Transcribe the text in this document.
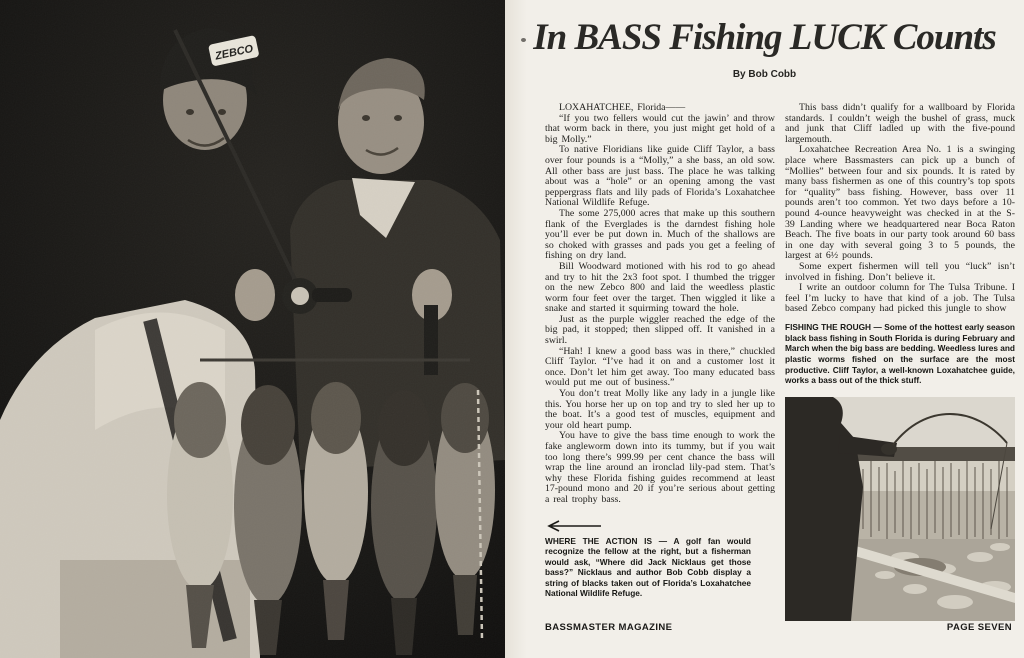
ZEBCO	In BASS Fishing LUCK Counts
By Bob Cobb

LOXAHATCHEE, Florida——

“If you two fellers would cut the jawin’ and throw that worm back in there, you just might get hold of a big Molly.”

To native Floridians like guide Cliff Taylor, a bass over four pounds is a “Molly,” a she bass, an old sow. All other bass are just bass. The place he was talking about was a “hole” or an opening among the vast peppergrass flats and lily pads of Florida’s Loxahatchee National Wildlife Refuge.

The some 275,000 acres that make up this southern flank of the Everglades is the darndest fishing hole you’ll ever be put down in. Much of the shallows are so choked with grasses and pads you get a feeling of fishing on dry land.

Bill Woodward motioned with his rod to go ahead and try to hit the 2x3 foot spot. I thumbed the trigger on the new Zebco 800 and laid the weedless plastic worm four feet over the target. Then wiggled it like a snake and started it squirming toward the hole.

Just as the purple wiggler reached the edge of the big pad, it stopped; then slipped off. It vanished in a swirl.

“Hah! I knew a good bass was in there,” chuckled Cliff Taylor. “I’ve had it on and a customer lost it once. Don’t let him get away. Too many educated bass would put me out of business.”

You don’t treat Molly like any lady in a jungle like this. You horse her up on top and try to sled her up to the boat. It’s a good test of muscles, equipment and your old heart pump.

You have to give the bass time enough to work the fake angleworm down into its tummy, but if you wait too long there’s 999.99 per cent chance the bass will wrap the line around an ironclad lily-pad stem. That’s why these Florida fishing guides recommend at least 17-pound mono and 20 if you’re serious about getting a real trophy bass.

WHERE THE ACTION IS — A golf fan would recognize the fellow at the right, but a fisherman would ask, “Where did Jack Nicklaus get those bass?” Nicklaus and author Bob Cobb display a string of blacks taken out of Florida’s Loxahatchee National Wildlife Refuge.

This bass didn’t qualify for a wallboard by Florida standards. I couldn’t weigh the bushel of grass, muck and junk that Cliff ladled up with the five-pound largemouth.

Loxahatchee Recreation Area No. 1 is a swinging place where Bassmasters can pick up a bunch of “Mollies” between four and six pounds. It is rated by many bass fishermen as one of this country’s top spots for “quality” bass fishing. However, bass over 11 pounds aren’t too common. Yet two days before a 10-pound 4-ounce heavyweight was checked in at the S-39 Landing where we headquartered near Boca Raton Beach. The five boats in our party took around 60 bass in one day with several going 3 to 5 pounds, the largest at 6½ pounds.

Some expert fishermen will tell you “luck” isn’t involved in fishing. Don’t believe it.

I write an outdoor column for The Tulsa Tribune. I feel I’m lucky to have that kind of a job. The Tulsa based Zebco company had picked this jungle to show

FISHING THE ROUGH — Some of the hottest early season black bass fishing in South Florida is during February and March when the big bass are bedding. Weedless lures and plastic worms fished on the surface are the most productive. Cliff Taylor, a well-known Loxahatchee guide, works a bass out of the thick stuff.
BASSMASTER MAGAZINE	PAGE SEVEN
